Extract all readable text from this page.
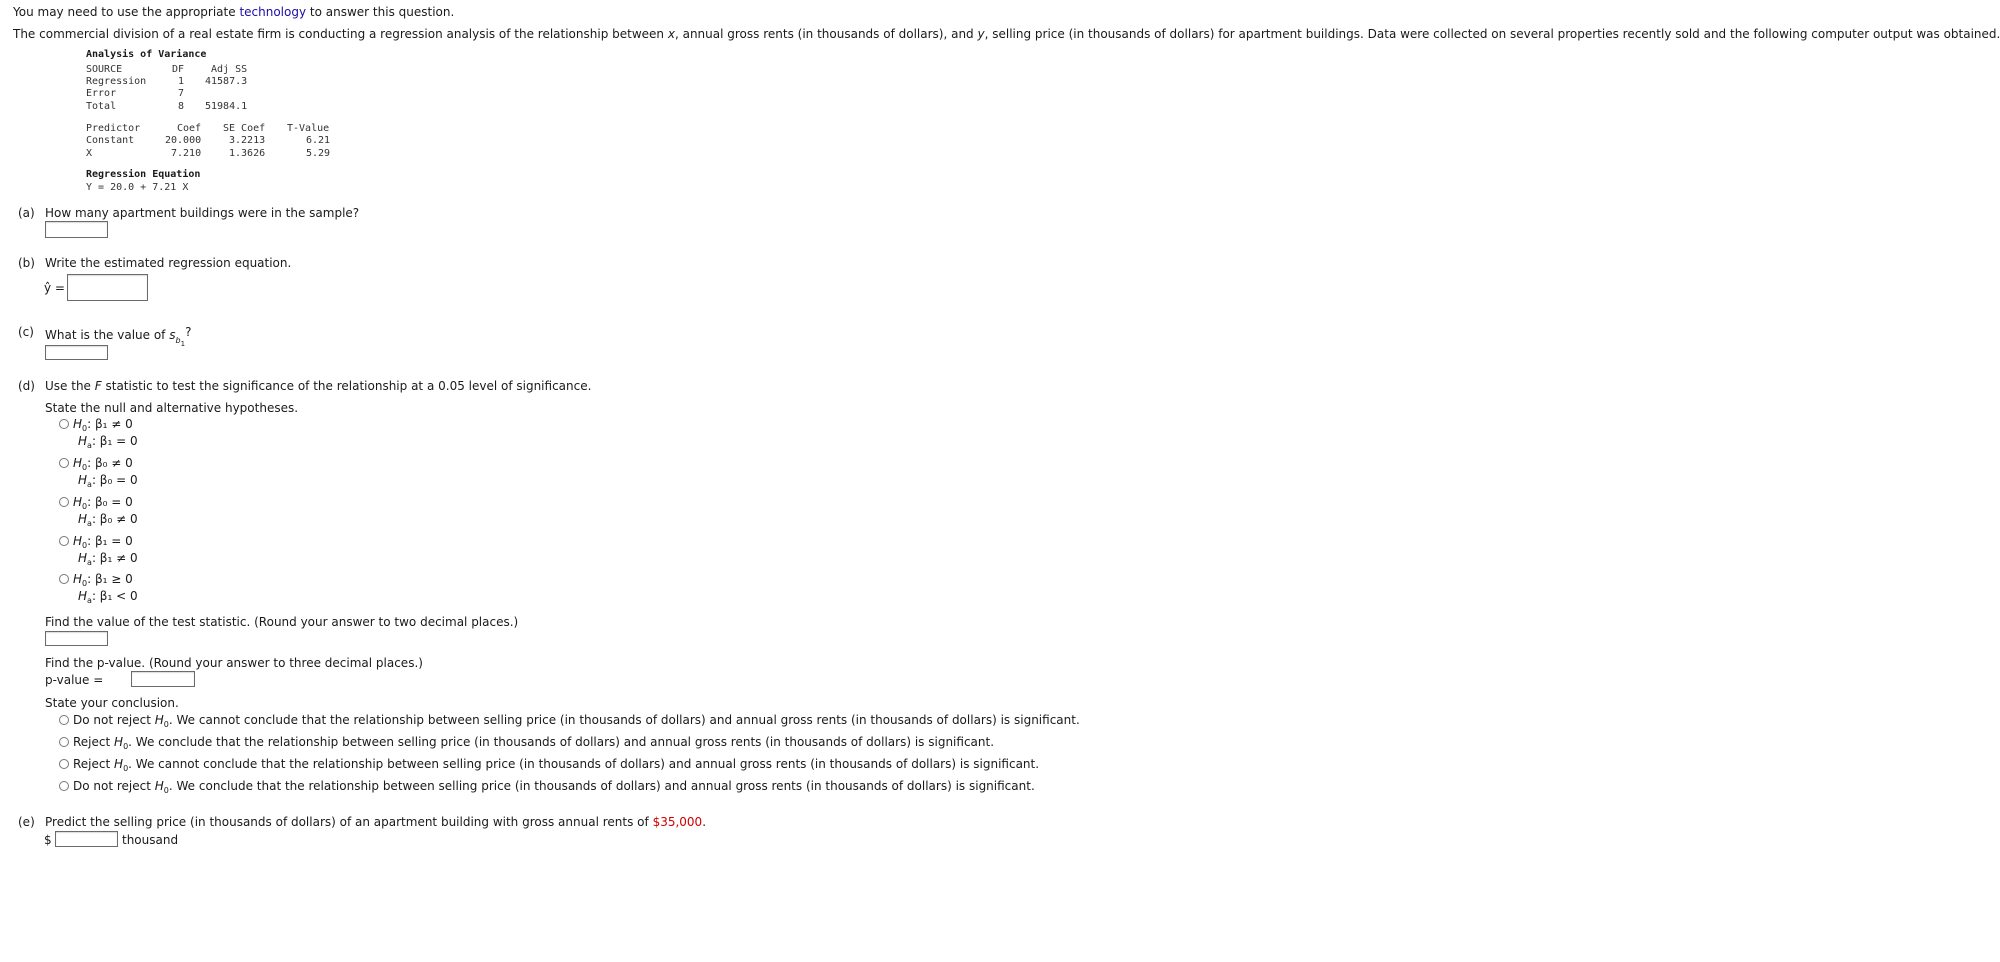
You may need to use the appropriate technology to answer this question.
The commercial division of a real estate firm is conducting a regression analysis of the relationship between x, annual gross rents (in thousands of dollars), and y, selling price (in thousands of dollars) for apartment buildings. Data were collected on several properties recently sold and the following computer output was obtained.
Analysis of Variance
SOURCE	DF	Adj SS
Regression	1 41587.3
Error	7
Total	8 51984.1
Predictor	Coef SE Coef T-Value
Constant	20.000	3.2213	6.21
X	7.210	1.3626	5.29
Regression Equation
Y = 20.0 + 7.21 X
(a) How many apartment buildings were in the sample?
(b) Write the estimated regression equation.
ŷ =
(c) What is the value of $s_{b_1}$?
(d) Use the F statistic to test the significance of the relationship at a 0.05 level of significance.
State the null and alternative hypotheses.
$H_0$: β₁ ≠ 0
$H_a$: β₁ = 0
$H_0$: β₀ ≠ 0
$H_a$: β₀ = 0
$H_0$: β₀ = 0
$H_a$: β₀ ≠ 0
$H_0$: β₁ = 0
$H_a$: β₁ ≠ 0
$H_0$: β₁ ≥ 0
$H_a$: β₁ < 0
Find the value of the test statistic. (Round your answer to two decimal places.)
Find the p-value. (Round your answer to three decimal places.)
p-value =
State your conclusion.
Do not reject $H_0$. We cannot conclude that the relationship between selling price (in thousands of dollars) and annual gross rents (in thousands of dollars) is significant.
Reject $H_0$. We conclude that the relationship between selling price (in thousands of dollars) and annual gross rents (in thousands of dollars) is significant.
Reject $H_0$. We cannot conclude that the relationship between selling price (in thousands of dollars) and annual gross rents (in thousands of dollars) is significant.
Do not reject $H_0$. We conclude that the relationship between selling price (in thousands of dollars) and annual gross rents (in thousands of dollars) is significant.
(e) Predict the selling price (in thousands of dollars) of an apartment building with gross annual rents of $35,000.
$	thousand
